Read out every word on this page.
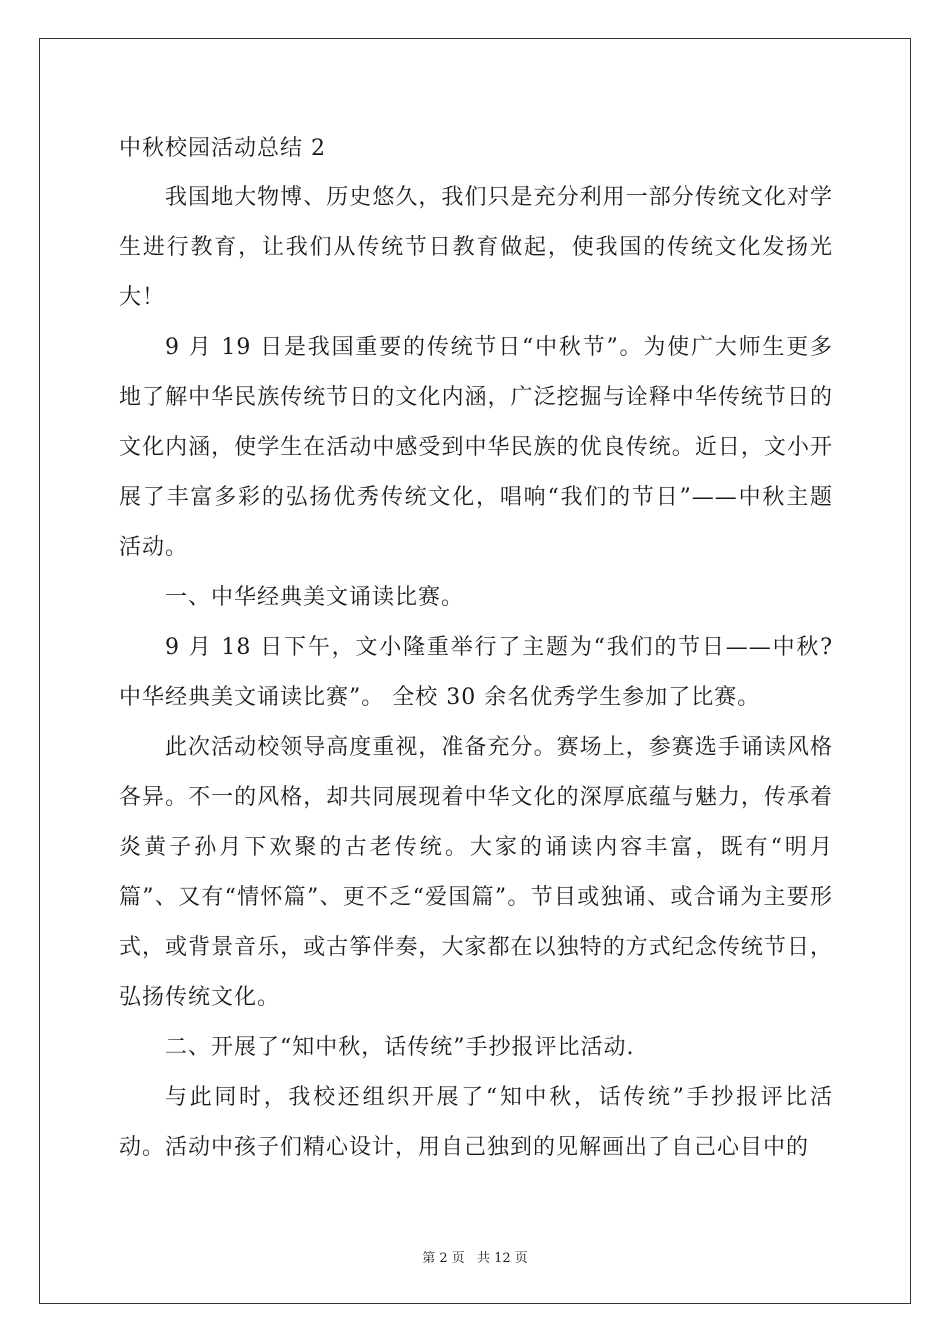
中秋校园活动总结 2

我国地大物博、历史悠久，我们只是充分利用一部分传统文化对学生进行教育，让我们从传统节日教育做起，使我国的传统文化发扬光大！

9 月 19 日是我国重要的传统节日“中秋节”。为使广大师生更多地了解中华民族传统节日的文化内涵，广泛挖掘与诠释中华传统节日的文化内涵，使学生在活动中感受到中华民族的优良传统。近日，文小开展了丰富多彩的弘扬优秀传统文化，唱响“我们的节日”——中秋主题活动。

一、中华经典美文诵读比赛。

9 月 18 日下午，文小隆重举行了主题为“我们的节日——中秋?中华经典美文诵读比赛”。 全校 30 余名优秀学生参加了比赛。

此次活动校领导高度重视，准备充分。赛场上，参赛选手诵读风格各异。不一的风格，却共同展现着中华文化的深厚底蕴与魅力，传承着炎黄子孙月下欢聚的古老传统。大家的诵读内容丰富，既有“明月篇”、又有“情怀篇”、更不乏“爱国篇”。节目或独诵、或合诵为主要形式，或背景音乐，或古筝伴奏，大家都在以独特的方式纪念传统节日，弘扬传统文化。

二、开展了“知中秋，话传统”手抄报评比活动.

与此同时，我校还组织开展了“知中秋，话传统”手抄报评比活动。活动中孩子们精心设计，用自己独到的见解画出了自己心目中的

第 2 页 共 12 页
